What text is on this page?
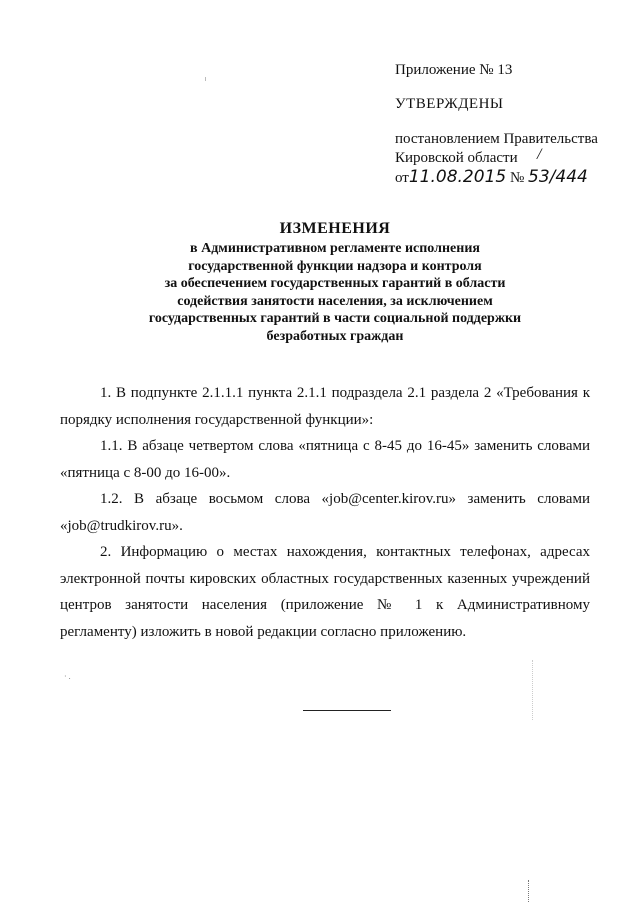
Приложение № 13
УТВЕРЖДЕНЫ
постановлением Правительства
Кировской области
от11.08.2015 № 53/444
/
ИЗМЕНЕНИЯ
в Административном регламенте исполнения
государственной функции надзора и контроля
за обеспечением государственных гарантий в области
содействия занятости населения, за исключением
государственных гарантий в части социальной поддержки
безработных граждан

1. В подпункте 2.1.1.1 пункта 2.1.1 подраздела 2.1 раздела 2 «Требования к порядку исполнения государственной функции»:

1.1. В абзаце четвертом слова «пятница с 8-45 до 16-45» заменить словами «пятница с 8-00 до 16-00».

1.2. В абзаце восьмом слова «job@center.kirov.ru» заменить словами «job@trudkirov.ru».

2. Информацию о местах нахождения, контактных телефонах, адресах электронной почты кировских областных государственных казенных учреждений центров занятости населения (приложение № 1 к Административному регламенту) изложить в новой редакции согласно приложению.

· .
